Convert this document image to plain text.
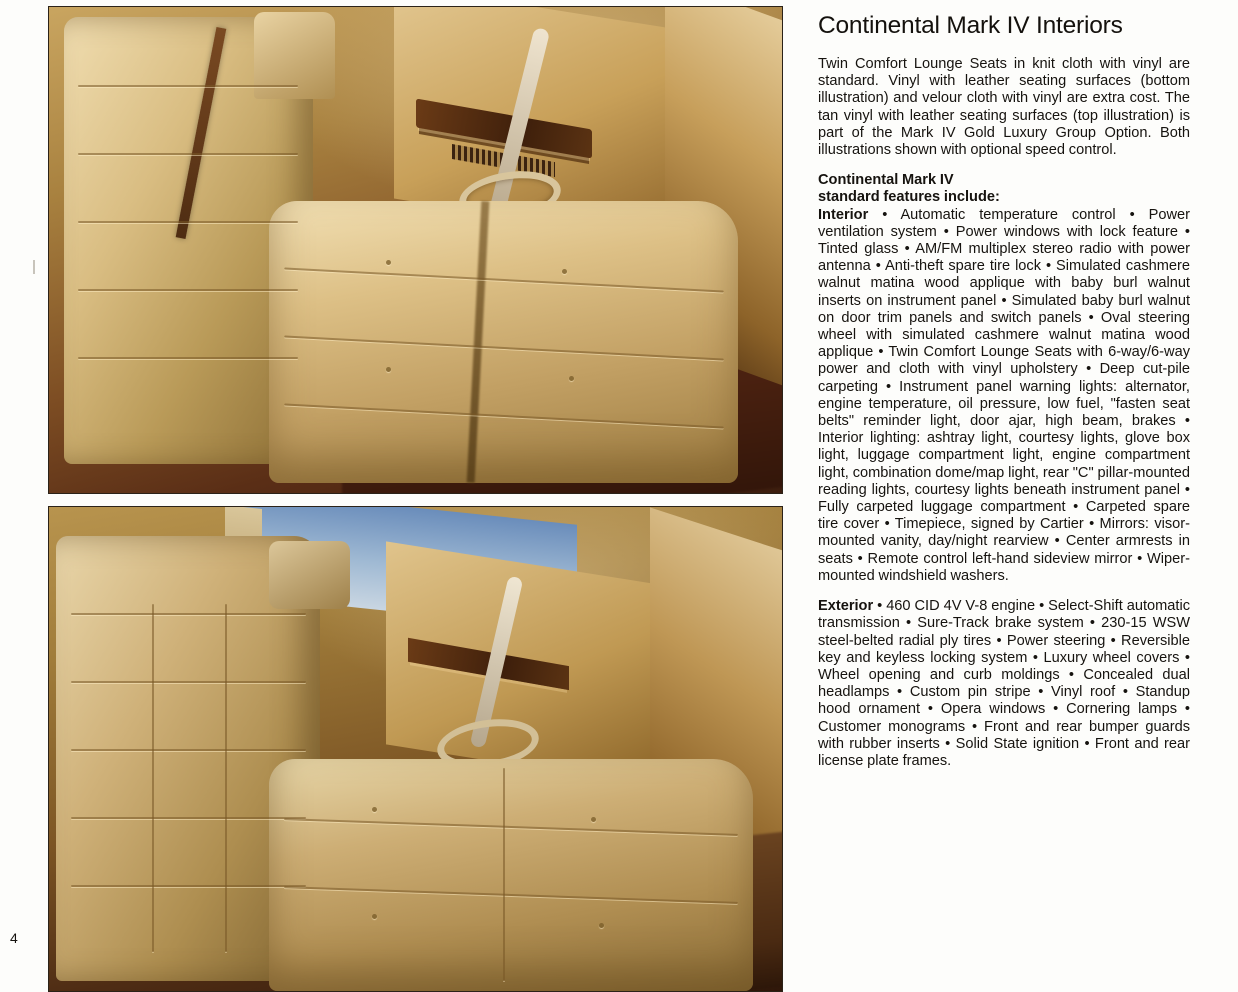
Continental Mark IV Interiors

Twin Comfort Lounge Seats in knit cloth with vinyl are standard. Vinyl with leather seating surfaces (bottom illustration) and velour cloth with vinyl are extra cost. The tan vinyl with leather seating surfaces (top illustration) is part of the Mark IV Gold Luxury Group Option. Both illustrations shown with optional speed control.

Continental Mark IV
standard features include:
Interior • Automatic temperature control • Power ventilation system • Power windows with lock feature • Tinted glass • AM/FM multiplex stereo radio with power antenna • Anti-theft spare tire lock • Simulated cashmere walnut matina wood applique with baby burl walnut inserts on instrument panel • Simulated baby burl walnut on door trim panels and switch panels • Oval steering wheel with simulated cashmere walnut matina wood applique • Twin Comfort Lounge Seats with 6-way/6-way power and cloth with vinyl upholstery • Deep cut-pile carpeting • Instrument panel warning lights: alternator, engine temperature, oil pressure, low fuel, "fasten seat belts" reminder light, door ajar, high beam, brakes • Interior lighting: ashtray light, courtesy lights, glove box light, luggage compartment light, engine compartment light, combination dome/map light, rear "C" pillar-mounted reading lights, courtesy lights beneath instrument panel • Fully carpeted luggage compartment • Carpeted spare tire cover • Timepiece, signed by Cartier • Mirrors: visor-mounted vanity, day/night rearview • Center armrests in seats • Remote control left-hand sideview mirror • Wiper-mounted windshield washers.

Exterior • 460 CID 4V V-8 engine • Select-Shift automatic transmission • Sure-Track brake system • 230-15 WSW steel-belted radial ply tires • Power steering • Reversible key and keyless locking system • Luxury wheel covers • Wheel opening and curb moldings • Concealed dual headlamps • Custom pin stripe • Vinyl roof • Standup hood ornament • Opera windows • Cornering lamps • Customer monograms • Front and rear bumper guards with rubber inserts • Solid State ignition • Front and rear license plate frames.

4
